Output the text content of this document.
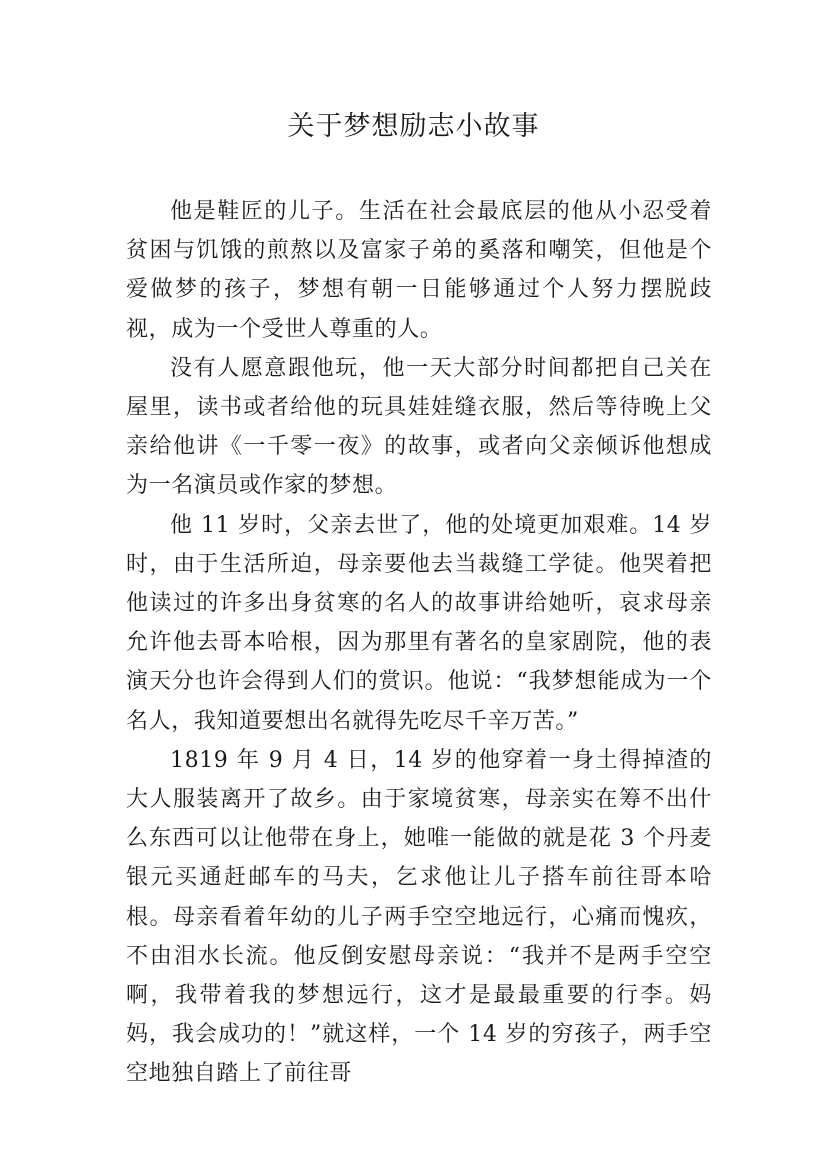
关于梦想励志小故事

他是鞋匠的儿子。生活在社会最底层的他从小忍受着贫困与饥饿的煎熬以及富家子弟的奚落和嘲笑，但他是个爱做梦的孩子，梦想有朝一日能够通过个人努力摆脱歧视，成为一个受世人尊重的人。

没有人愿意跟他玩，他一天大部分时间都把自己关在屋里，读书或者给他的玩具娃娃缝衣服，然后等待晚上父亲给他讲《一千零一夜》的故事，或者向父亲倾诉他想成为一名演员或作家的梦想。

他 11 岁时，父亲去世了，他的处境更加艰难。14 岁时，由于生活所迫，母亲要他去当裁缝工学徒。他哭着把他读过的许多出身贫寒的名人的故事讲给她听，哀求母亲允许他去哥本哈根，因为那里有著名的皇家剧院，他的表演天分也许会得到人们的赏识。他说：“我梦想能成为一个名人，我知道要想出名就得先吃尽千辛万苦。”

1819 年 9 月 4 日，14 岁的他穿着一身土得掉渣的大人服装离开了故乡。由于家境贫寒，母亲实在筹不出什么东西可以让他带在身上，她唯一能做的就是花 3 个丹麦银元买通赶邮车的马夫，乞求他让儿子搭车前往哥本哈根。母亲看着年幼的儿子两手空空地远行，心痛而愧疚，不由泪水长流。他反倒安慰母亲说：“我并不是两手空空啊，我带着我的梦想远行，这才是最最重要的行李。妈妈，我会成功的！”就这样，一个 14 岁的穷孩子，两手空空地独自踏上了前往哥
